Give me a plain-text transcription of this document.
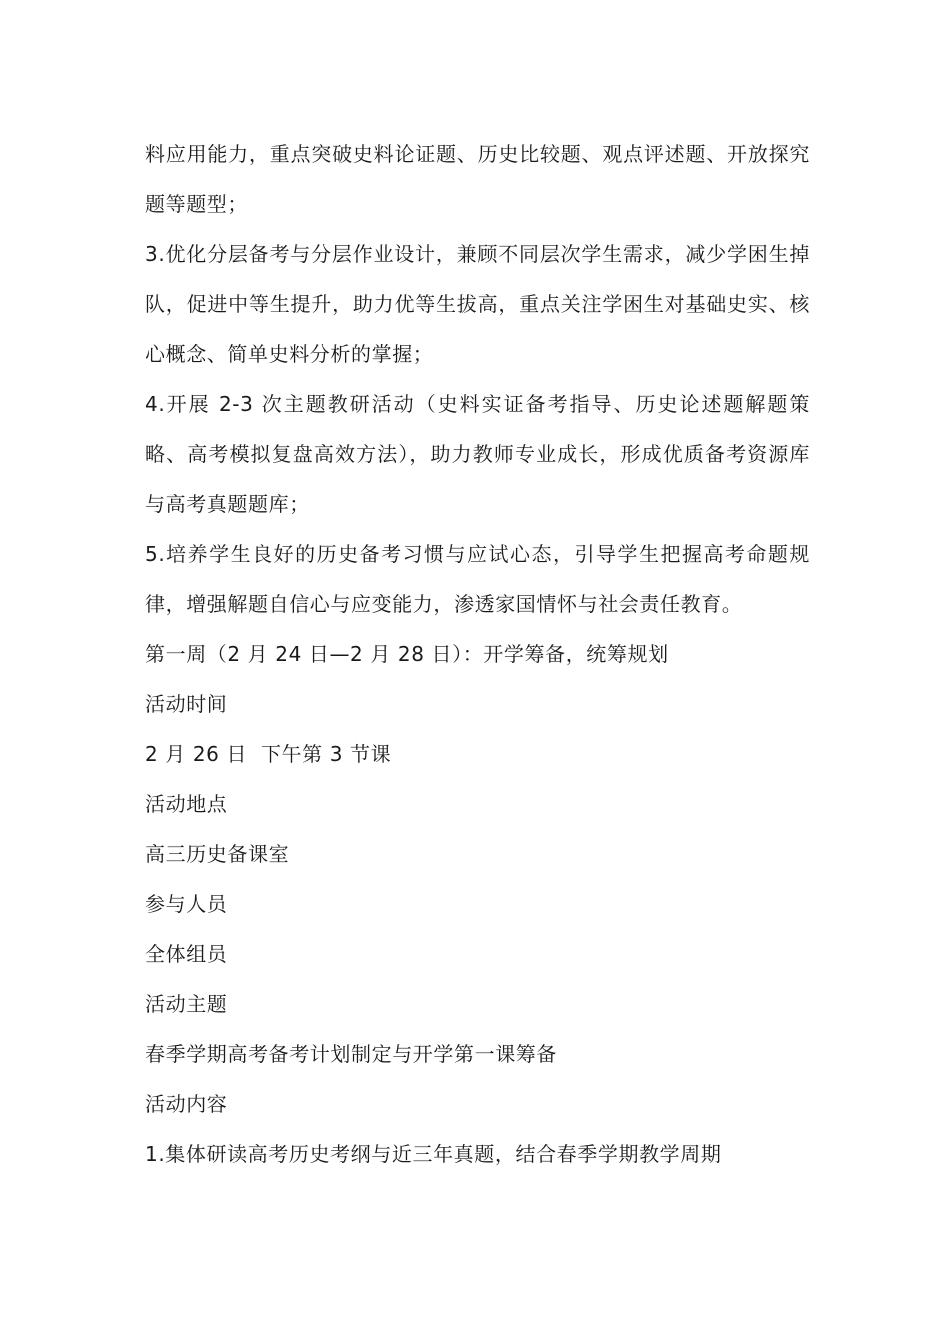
料应用能力，重点突破史料论证题、历史比较题、观点评述题、开放探究题等题型；

3.优化分层备考与分层作业设计，兼顾不同层次学生需求，减少学困生掉队，促进中等生提升，助力优等生拔高，重点关注学困生对基础史实、核心概念、简单史料分析的掌握；

4.开展 2-3 次主题教研活动（史料实证备考指导、历史论述题解题策略、高考模拟复盘高效方法），助力教师专业成长，形成优质备考资源库与高考真题题库；

5.培养学生良好的历史备考习惯与应试心态，引导学生把握高考命题规律，增强解题自信心与应变能力，渗透家国情怀与社会责任教育。

第一周（2 月 24 日—2 月 28 日）：开学筹备，统筹规划

活动时间

2 月 26 日  下午第 3 节课

活动地点

高三历史备课室

参与人员

全体组员

活动主题

春季学期高考备考计划制定与开学第一课筹备

活动内容

1.集体研读高考历史考纲与近三年真题，结合春季学期教学周期
